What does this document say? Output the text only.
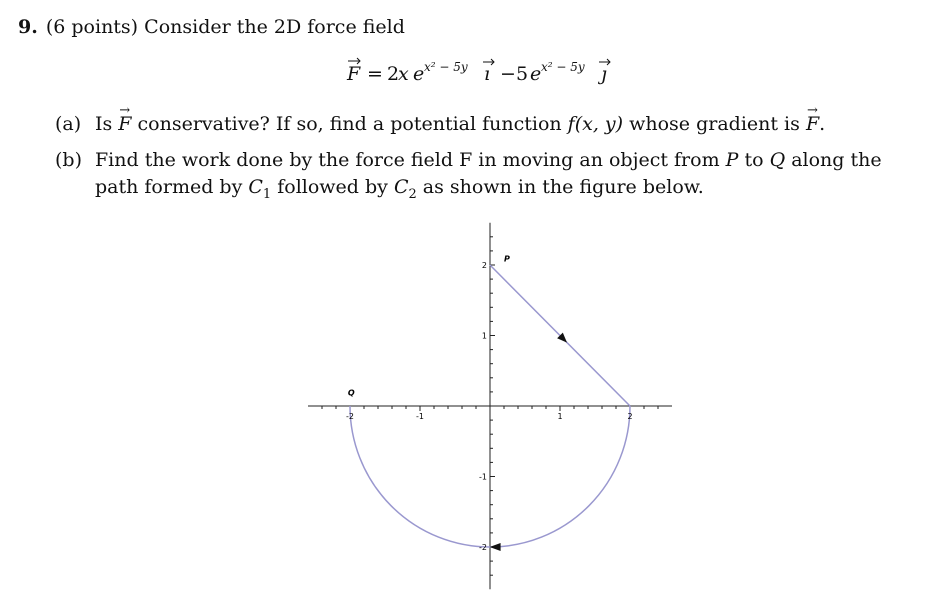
9. (6 points) Consider the 2D force field
F = 2
x e x² − 5y ı − 5 e x² − 5y ȷ
(a) Is → F conservative? If so, find a potential function f(x, y) whose gradient is → F.
(b) Find the work done by the force field F in moving an object from P to Q along the
path formed by $C_1$ followed by $C_2$ as shown in the figure below.
-1	1	2
-2
1
2
-1
-2
P
Q
